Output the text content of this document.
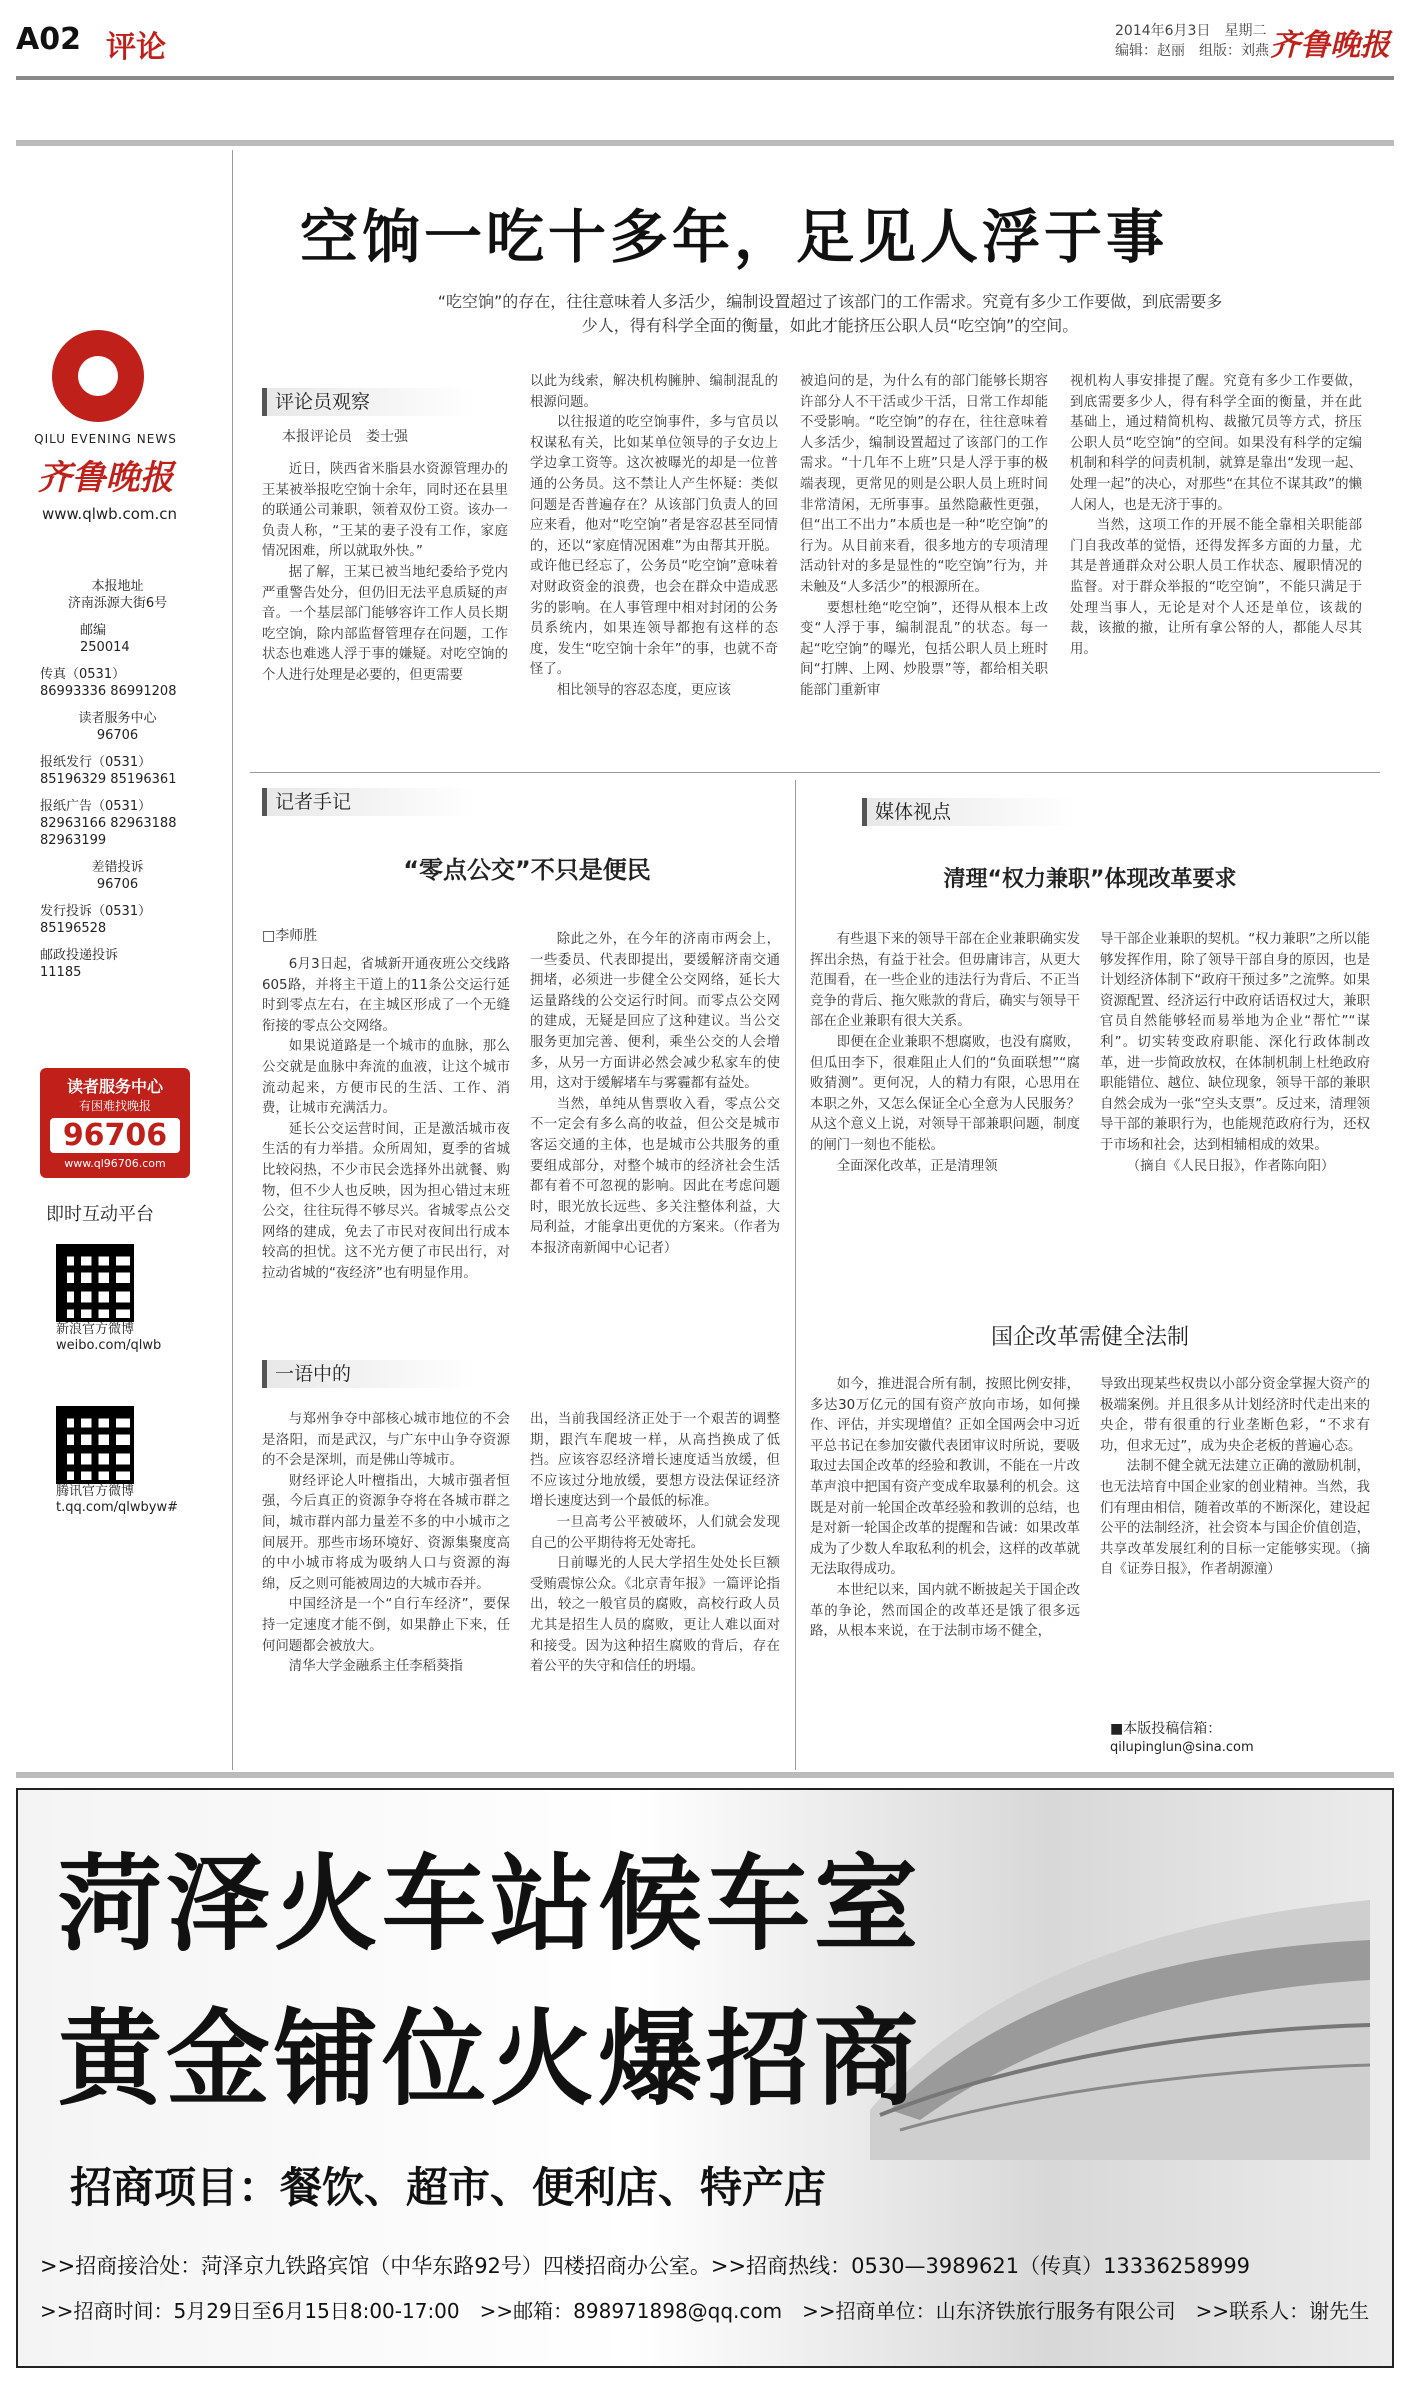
A02 评论	2014年6月3日　星期二
编辑：赵丽　组版：刘燕 齐鲁晚报
QILU EVENING NEWS
齐鲁晚报
www.qlwb.com.cn
本报地址
济南泺源大街6号
邮编
250014
传真（0531）
86993336 86991208
读者服务中心
96706
报纸发行（0531）
85196329 85196361
报纸广告（0531）
82963166 82963188 82963199
差错投诉
96706
发行投诉（0531）
85196528
邮政投递投诉
11185
读者服务中心
有困难找晚报
96706
www.ql96706.com
即时互动平台
新浪官方微博
weibo.com/qlwb
腾讯官方微博
t.qq.com/qlwbyw#
空饷一吃十多年，足见人浮于事
“吃空饷”的存在，往往意味着人多活少，编制设置超过了该部门的工作需求。究竟有多少工作要做，到底需要多少人，得有科学全面的衡量，如此才能挤压公职人员“吃空饷”的空间。
评论员观察
本报评论员　娄士强

近日，陕西省米脂县水资源管理办的王某被举报吃空饷十余年，同时还在县里的联通公司兼职，领着双份工资。该办一负责人称，“王某的妻子没有工作，家庭情况困难，所以就取外快。”

据了解，王某已被当地纪委给予党内严重警告处分，但仍旧无法平息质疑的声音。一个基层部门能够容许工作人员长期吃空饷，除内部监督管理存在问题，工作状态也难逃人浮于事的嫌疑。对吃空饷的个人进行处理是必要的，但更需要

以此为线索，解决机构臃肿、编制混乱的根源问题。

以往报道的吃空饷事件，多与官员以权谋私有关，比如某单位领导的子女边上学边拿工资等。这次被曝光的却是一位普通的公务员。这不禁让人产生怀疑：类似问题是否普遍存在？从该部门负责人的回应来看，他对“吃空饷”者是容忍甚至同情的，还以“家庭情况困难”为由帮其开脱。或许他已经忘了，公务员“吃空饷”意味着对财政资金的浪费，也会在群众中造成恶劣的影响。在人事管理中相对封闭的公务员系统内，如果连领导都抱有这样的态度，发生“吃空饷十余年”的事，也就不奇怪了。

相比领导的容忍态度，更应该

被追问的是，为什么有的部门能够长期容许部分人不干活或少干活，日常工作却能不受影响。“吃空饷”的存在，往往意味着人多活少，编制设置超过了该部门的工作需求。“十几年不上班”只是人浮于事的极端表现，更常见的则是公职人员上班时间非常清闲，无所事事。虽然隐蔽性更强，但“出工不出力”本质也是一种“吃空饷”的行为。从目前来看，很多地方的专项清理活动针对的多是显性的“吃空饷”行为，并未触及“人多活少”的根源所在。

要想杜绝“吃空饷”，还得从根本上改变“人浮于事，编制混乱”的状态。每一起“吃空饷”的曝光，包括公职人员上班时间“打牌、上网、炒股票”等，都给相关职能部门重新审

视机构人事安排提了醒。究竟有多少工作要做，到底需要多少人，得有科学全面的衡量，并在此基础上，通过精简机构、裁撤冗员等方式，挤压公职人员“吃空饷”的空间。如果没有科学的定编机制和科学的问责机制，就算是靠出“发现一起、处理一起”的决心，对那些“在其位不谋其政”的懒人闲人，也是无济于事的。

当然，这项工作的开展不能全靠相关职能部门自我改革的觉悟，还得发挥多方面的力量，尤其是普通群众对公职人员工作状态、履职情况的监督。对于群众举报的“吃空饷”，不能只满足于处理当事人，无论是对个人还是单位，该裁的裁，该撤的撤，让所有拿公帑的人，都能人尽其用。

记者手记
“零点公交”不只是便民
□李师胜

6月3日起，省城新开通夜班公交线路605路，并将主干道上的11条公交运行延时到零点左右，在主城区形成了一个无缝衔接的零点公交网络。

如果说道路是一个城市的血脉，那么公交就是血脉中奔流的血液，让这个城市流动起来，方便市民的生活、工作、消费，让城市充满活力。

延长公交运营时间，正是激活城市夜生活的有力举措。众所周知，夏季的省城比较闷热，不少市民会选择外出就餐、购物，但不少人也反映，因为担心错过末班公交，往往玩得不够尽兴。省城零点公交网络的建成，免去了市民对夜间出行成本较高的担忧。这不光方便了市民出行，对拉动省城的“夜经济”也有明显作用。

除此之外，在今年的济南市两会上，一些委员、代表即提出，要缓解济南交通拥堵，必须进一步健全公交网络，延长大运量路线的公交运行时间。而零点公交网的建成，无疑是回应了这种建议。当公交服务更加完善、便利，乘坐公交的人会增多，从另一方面讲必然会减少私家车的使用，这对于缓解堵车与雾霾都有益处。

当然，单纯从售票收入看，零点公交不一定会有多么高的收益，但公交是城市客运交通的主体，也是城市公共服务的重要组成部分，对整个城市的经济社会生活都有着不可忽视的影响。因此在考虑问题时，眼光放长远些、多关注整体利益，大局利益，才能拿出更优的方案来。（作者为本报济南新闻中心记者）

一语中的

与郑州争夺中部核心城市地位的不会是洛阳，而是武汉，与广东中山争夺资源的不会是深圳，而是佛山等城市。

财经评论人叶檀指出，大城市强者恒强，今后真正的资源争夺将在各城市群之间，城市群内部力量差不多的中小城市之间展开。那些市场环境好、资源集聚度高的中小城市将成为吸纳人口与资源的海绵，反之则可能被周边的大城市吞并。

中国经济是一个“自行车经济”，要保持一定速度才能不倒，如果静止下来，任何问题都会被放大。

清华大学金融系主任李稻葵指

出，当前我国经济正处于一个艰苦的调整期，跟汽车爬坡一样，从高挡换成了低挡。应该容忍经济增长速度适当放缓，但不应该过分地放缓，要想方设法保证经济增长速度达到一个最低的标准。

一旦高考公平被破坏，人们就会发现自己的公平期待将无处寄托。

日前曝光的人民大学招生处处长巨额受贿震惊公众。《北京青年报》一篇评论指出，较之一般官员的腐败，高校行政人员尤其是招生人员的腐败，更让人难以面对和接受。因为这种招生腐败的背后，存在着公平的失守和信任的坍塌。

媒体视点
清理“权力兼职”体现改革要求

有些退下来的领导干部在企业兼职确实发挥出余热，有益于社会。但毋庸讳言，从更大范围看，在一些企业的违法行为背后、不正当竞争的背后、拖欠账款的背后，确实与领导干部在企业兼职有很大关系。

即便在企业兼职不想腐败，也没有腐败，但瓜田李下，很难阻止人们的“负面联想”“腐败猜测”。更何况，人的精力有限，心思用在本职之外，又怎么保证全心全意为人民服务？从这个意义上说，对领导干部兼职问题，制度的闸门一刻也不能松。

全面深化改革，正是清理领

导干部企业兼职的契机。“权力兼职”之所以能够发挥作用，除了领导干部自身的原因，也是计划经济体制下“政府干预过多”之流弊。如果资源配置、经济运行中政府话语权过大，兼职官员自然能够轻而易举地为企业“帮忙”“谋利”。切实转变政府职能、深化行政体制改革，进一步简政放权，在体制机制上杜绝政府职能错位、越位、缺位现象，领导干部的兼职自然会成为一张“空头支票”。反过来，清理领导干部的兼职行为，也能规范政府行为，还权于市场和社会，达到相辅相成的效果。

（摘自《人民日报》，作者陈向阳）

国企改革需健全法制

如今，推进混合所有制，按照比例安排，多达30万亿元的国有资产放向市场，如何操作、评估，并实现增值？正如全国两会中习近平总书记在参加安徽代表团审议时所说，要吸取过去国企改革的经验和教训，不能在一片改革声浪中把国有资产变成牟取暴利的机会。这既是对前一轮国企改革经验和教训的总结，也是对新一轮国企改革的提醒和告诫：如果改革成为了少数人牟取私利的机会，这样的改革就无法取得成功。

本世纪以来，国内就不断披起关于国企改革的争论，然而国企的改革还是饿了很多远路，从根本来说，在于法制市场不健全，

导致出现某些权贵以小部分资金掌握大资产的极端案例。并且很多从计划经济时代走出来的央企，带有很重的行业垄断色彩，“不求有功，但求无过”，成为央企老板的普遍心态。

法制不健全就无法建立正确的激励机制，也无法培育中国企业家的创业精神。当然，我们有理由相信，随着改革的不断深化，建设起公平的法制经济，社会资本与国企价值创造，共享改革发展红利的目标一定能够实现。（摘自《证券日报》，作者胡源潼）

■本版投稿信箱：
qilupinglun@sina.com
菏泽火车站候车室
黄金铺位火爆招商
招商项目：餐饮、超市、便利店、特产店
>>招商接洽处：菏泽京九铁路宾馆（中华东路92号）四楼招商办公室。>>招商热线：0530—3989621（传真）13336258999
>>招商时间：5月29日至6月15日8:00-17:00　>>邮箱：898971898@qq.com　>>招商单位：山东济铁旅行服务有限公司　>>联系人：谢先生
